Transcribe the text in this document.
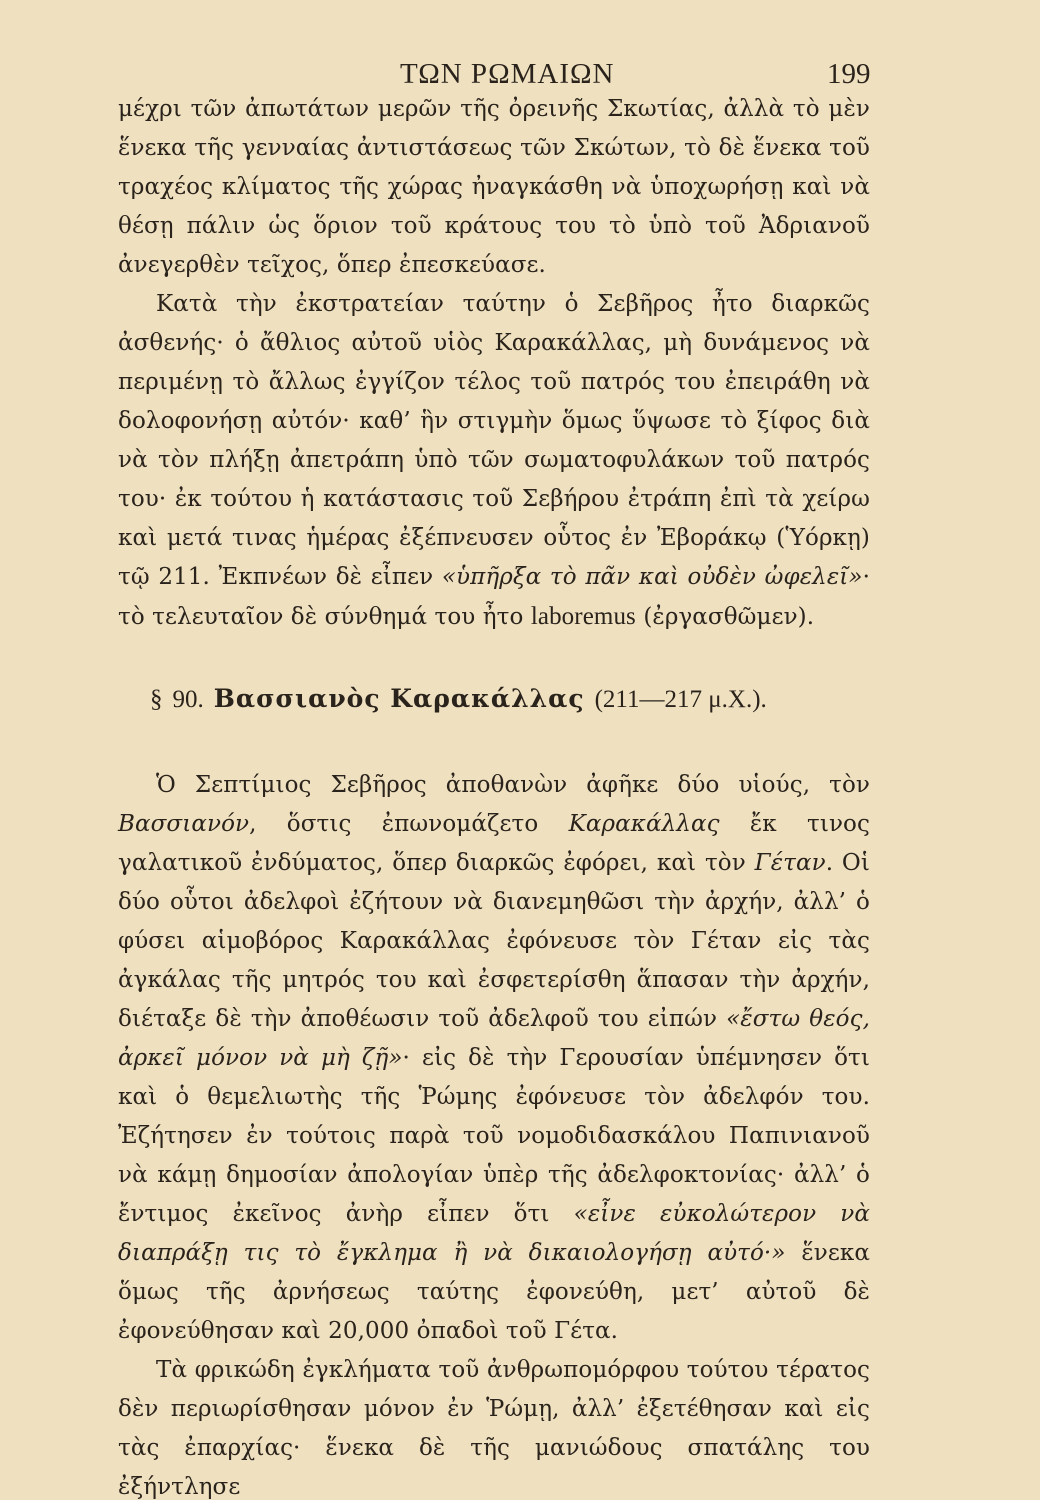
ΤΩΝ ΡΩΜΑΙΩΝ	199

μέχρι τῶν ἀπωτάτων μερῶν τῆς ὀρεινῆς Σκωτίας, ἀλλὰ τὸ μὲν ἕνεκα τῆς γενναίας ἀντιστάσεως τῶν Σκώτων, τὸ δὲ ἕνεκα τοῦ τραχέος κλίματος τῆς χώρας ἠναγκάσθη νὰ ὑποχωρήσῃ καὶ νὰ θέσῃ πάλιν ὡς ὅριον τοῦ κράτους του τὸ ὑπὸ τοῦ Ἀδριανοῦ ἀνεγερθὲν τεῖχος, ὅπερ ἐπεσκεύασε.

Κατὰ τὴν ἐκστρατείαν ταύτην ὁ Σεβῆρος ἦτο διαρκῶς ἀσθενής· ὁ ἄθλιος αὐτοῦ υἱὸς Καρακάλλας, μὴ δυνάμενος νὰ περιμένῃ τὸ ἄλλως ἐγγίζον τέλος τοῦ πατρός του ἐπειράθη νὰ δολοφονήσῃ αὐτόν· καθ’ ἣν στιγμὴν ὅμως ὕψωσε τὸ ξίφος διὰ νὰ τὸν πλήξῃ ἀπετράπη ὑπὸ τῶν σωματοφυλάκων τοῦ πατρός του· ἐκ τούτου ἡ κατάστασις τοῦ Σεβήρου ἐτράπη ἐπὶ τὰ χείρω καὶ μετά τινας ἡμέρας ἐξέπνευσεν οὗτος ἐν Ἐβοράκῳ (Ὑόρκῃ) τῷ 211. Ἐκπνέων δὲ εἶπεν «ὑπῆρξα τὸ πᾶν καὶ οὐδὲν ὠφελεῖ»· τὸ τελευταῖον δὲ σύνθημά του ἦτο laboremus (ἐργασθῶμεν).

§ 90. Βασσιανὸς Καρακάλλας (211—217 μ.Χ.).

Ὁ Σεπτίμιος Σεβῆρος ἀποθανὼν ἀφῆκε δύο υἱούς, τὸν Βασσιανόν, ὅστις ἐπωνομάζετο Καρακάλλας ἔκ τινος γαλατικοῦ ἐνδύματος, ὅπερ διαρκῶς ἐφόρει, καὶ τὸν Γέταν. Οἱ δύο οὗτοι ἀδελφοὶ ἐζήτουν νὰ διανεμηθῶσι τὴν ἀρχήν, ἀλλ’ ὁ φύσει αἱμοβόρος Καρακάλλας ἐφόνευσε τὸν Γέταν εἰς τὰς ἀγκάλας τῆς μητρός του καὶ ἐσφετερίσθη ἅπασαν τὴν ἀρχήν, διέταξε δὲ τὴν ἀποθέωσιν τοῦ ἀδελφοῦ του εἰπών «ἔστω θεός, ἀρκεῖ μόνον νὰ μὴ ζῇ»· εἰς δὲ τὴν Γερουσίαν ὑπέμνησεν ὅτι καὶ ὁ θεμελιωτὴς τῆς Ῥώμης ἐφόνευσε τὸν ἀδελφόν του. Ἐζήτησεν ἐν τούτοις παρὰ τοῦ νομοδιδασκάλου Παπινιανοῦ νὰ κάμῃ δημοσίαν ἀπολογίαν ὑπὲρ τῆς ἀδελφοκτονίας· ἀλλ’ ὁ ἔντιμος ἐκεῖνος ἀνὴρ εἶπεν ὅτι «εἶνε εὐκολώτερον νὰ διαπράξῃ τις τὸ ἔγκλημα ἢ νὰ δικαιολογήσῃ αὐτό·» ἕνεκα ὅμως τῆς ἀρνήσεως ταύτης ἐφονεύθη, μετ’ αὐτοῦ δὲ ἐφονεύθησαν καὶ 20,000 ὀπαδοὶ τοῦ Γέτα.

Τὰ φρικώδη ἐγκλήματα τοῦ ἀνθρωπομόρφου τούτου τέρατος δὲν περιωρίσθησαν μόνον ἐν Ῥώμῃ, ἀλλ’ ἐξετέθησαν καὶ εἰς τὰς ἐπαρχίας· ἕνεκα δὲ τῆς μανιώδους σπατάλης του ἐξήντλησε
